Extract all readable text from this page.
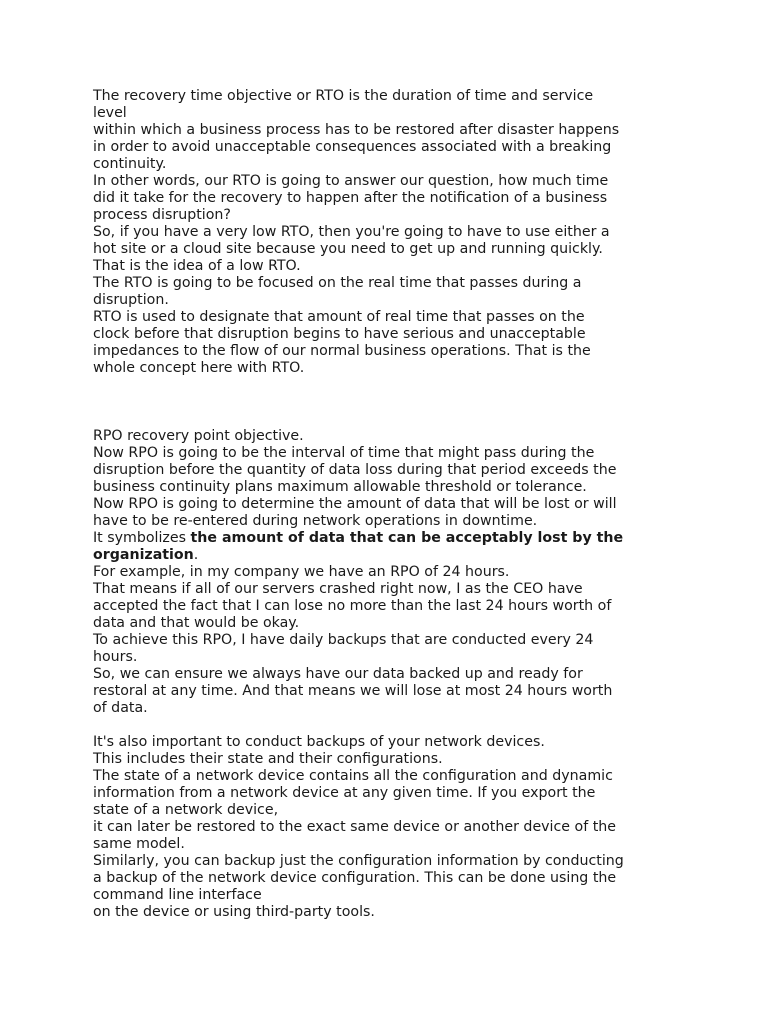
The recovery time objective or RTO is the duration of time and service
level
within which a business process has to be restored after disaster happens
in order to avoid unacceptable consequences associated with a breaking
continuity.
In other words, our RTO is going to answer our question, how much time
did it take for the recovery to happen after the notification of a business
process disruption?
So, if you have a very low RTO, then you're going to have to use either a
hot site or a cloud site because you need to get up and running quickly.
That is the idea of a low RTO.
The RTO is going to be focused on the real time that passes during a
disruption.
RTO is used to designate that amount of real time that passes on the
clock before that disruption begins to have serious and unacceptable
impedances to the flow of our normal business operations. That is the
whole concept here with RTO.
RPO recovery point objective.
Now RPO is going to be the interval of time that might pass during the
disruption before the quantity of data loss during that period exceeds the
business continuity plans maximum allowable threshold or tolerance.
Now RPO is going to determine the amount of data that will be lost or will
have to be re-entered during network operations in downtime.
It symbolizes the amount of data that can be acceptably lost by the
organization.
For example, in my company we have an RPO of 24 hours.
That means if all of our servers crashed right now, I as the CEO have
accepted the fact that I can lose no more than the last 24 hours worth of
data and that would be okay.
To achieve this RPO, I have daily backups that are conducted every 24
hours.
So, we can ensure we always have our data backed up and ready for
restoral at any time. And that means we will lose at most 24 hours worth
of data.
It's also important to conduct backups of your network devices.
This includes their state and their configurations.
The state of a network device contains all the configuration and dynamic
information from a network device at any given time. If you export the
state of a network device,
it can later be restored to the exact same device or another device of the
same model.
Similarly, you can backup just the configuration information by conducting
a backup of the network device configuration. This can be done using the
command line interface
on the device or using third-party tools.
